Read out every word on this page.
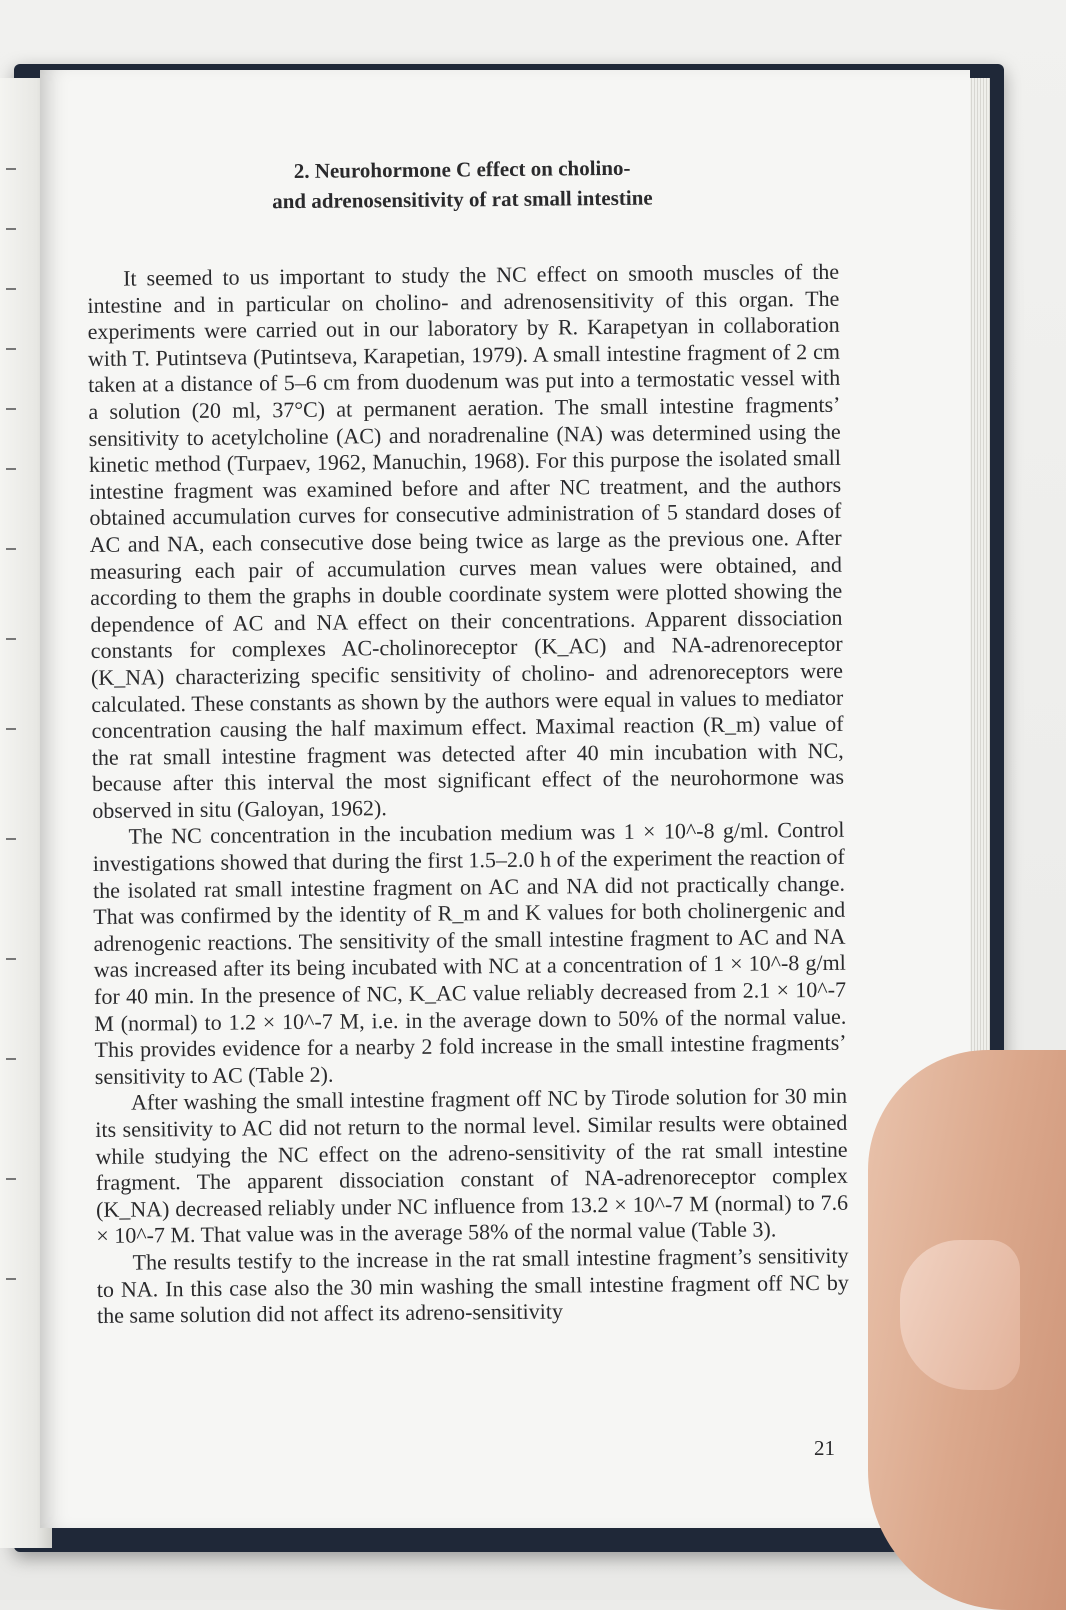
2. Neurohormone C effect on cholino-
and adrenosensitivity of rat small intestine

It seemed to us important to study the NC effect on smooth muscles of the intestine and in particular on cholino- and adrenosensitivity of this organ. The experiments were carried out in our laboratory by R. Karapetyan in collaboration with T. Putintseva (Putintseva, Karapetian, 1979). A small intestine fragment of 2 cm taken at a distance of 5–6 cm from duodenum was put into a termostatic vessel with a solution (20 ml, 37°C) at permanent aeration. The small intestine fragments’ sensitivity to acetylcholine (AC) and noradrenaline (NA) was determined using the kinetic method (Turpaev, 1962, Manuchin, 1968). For this purpose the isolated small intestine fragment was examined before and after NC treatment, and the authors obtained accumulation curves for consecutive administration of 5 standard doses of AC and NA, each consecutive dose being twice as large as the previous one. After measuring each pair of accumulation curves mean values were obtained, and according to them the graphs in double coordinate system were plotted showing the dependence of AC and NA effect on their concentrations. Apparent dissociation constants for complexes AC-cholinoreceptor (K_AC) and NA-adrenoreceptor (K_NA) characterizing specific sensitivity of cholino- and adrenoreceptors were calculated. These constants as shown by the authors were equal in values to mediator concentration causing the half maximum effect. Maximal reaction (R_m) value of the rat small intestine fragment was detected after 40 min incubation with NC, because after this interval the most significant effect of the neurohormone was observed in situ (Galoyan, 1962).

The NC concentration in the incubation medium was 1 × 10^-8 g/ml. Control investigations showed that during the first 1.5–2.0 h of the experiment the reaction of the isolated rat small intestine fragment on AC and NA did not practically change. That was confirmed by the identity of R_m and K values for both cholinergenic and adrenogenic reactions. The sensitivity of the small intestine fragment to AC and NA was increased after its being incubated with NC at a concentration of 1 × 10^-8 g/ml for 40 min. In the presence of NC, K_AC value reliably decreased from 2.1 × 10^-7 M (normal) to 1.2 × 10^-7 M, i.e. in the average down to 50% of the normal value. This provides evidence for a nearby 2 fold increase in the small intestine fragments’ sensitivity to AC (Table 2).

After washing the small intestine fragment off NC by Tirode solution for 30 min its sensitivity to AC did not return to the normal level. Similar results were obtained while studying the NC effect on the adreno-sensitivity of the rat small intestine fragment. The apparent dissociation constant of NA-adrenoreceptor complex (K_NA) decreased reliably under NC influence from 13.2 × 10^-7 M (normal) to 7.6 × 10^-7 M. That value was in the average 58% of the normal value (Table 3).

The results testify to the increase in the rat small intestine fragment’s sensitivity to NA. In this case also the 30 min washing the small intestine fragment off NC by the same solution did not affect its adreno-sensitivity

21
